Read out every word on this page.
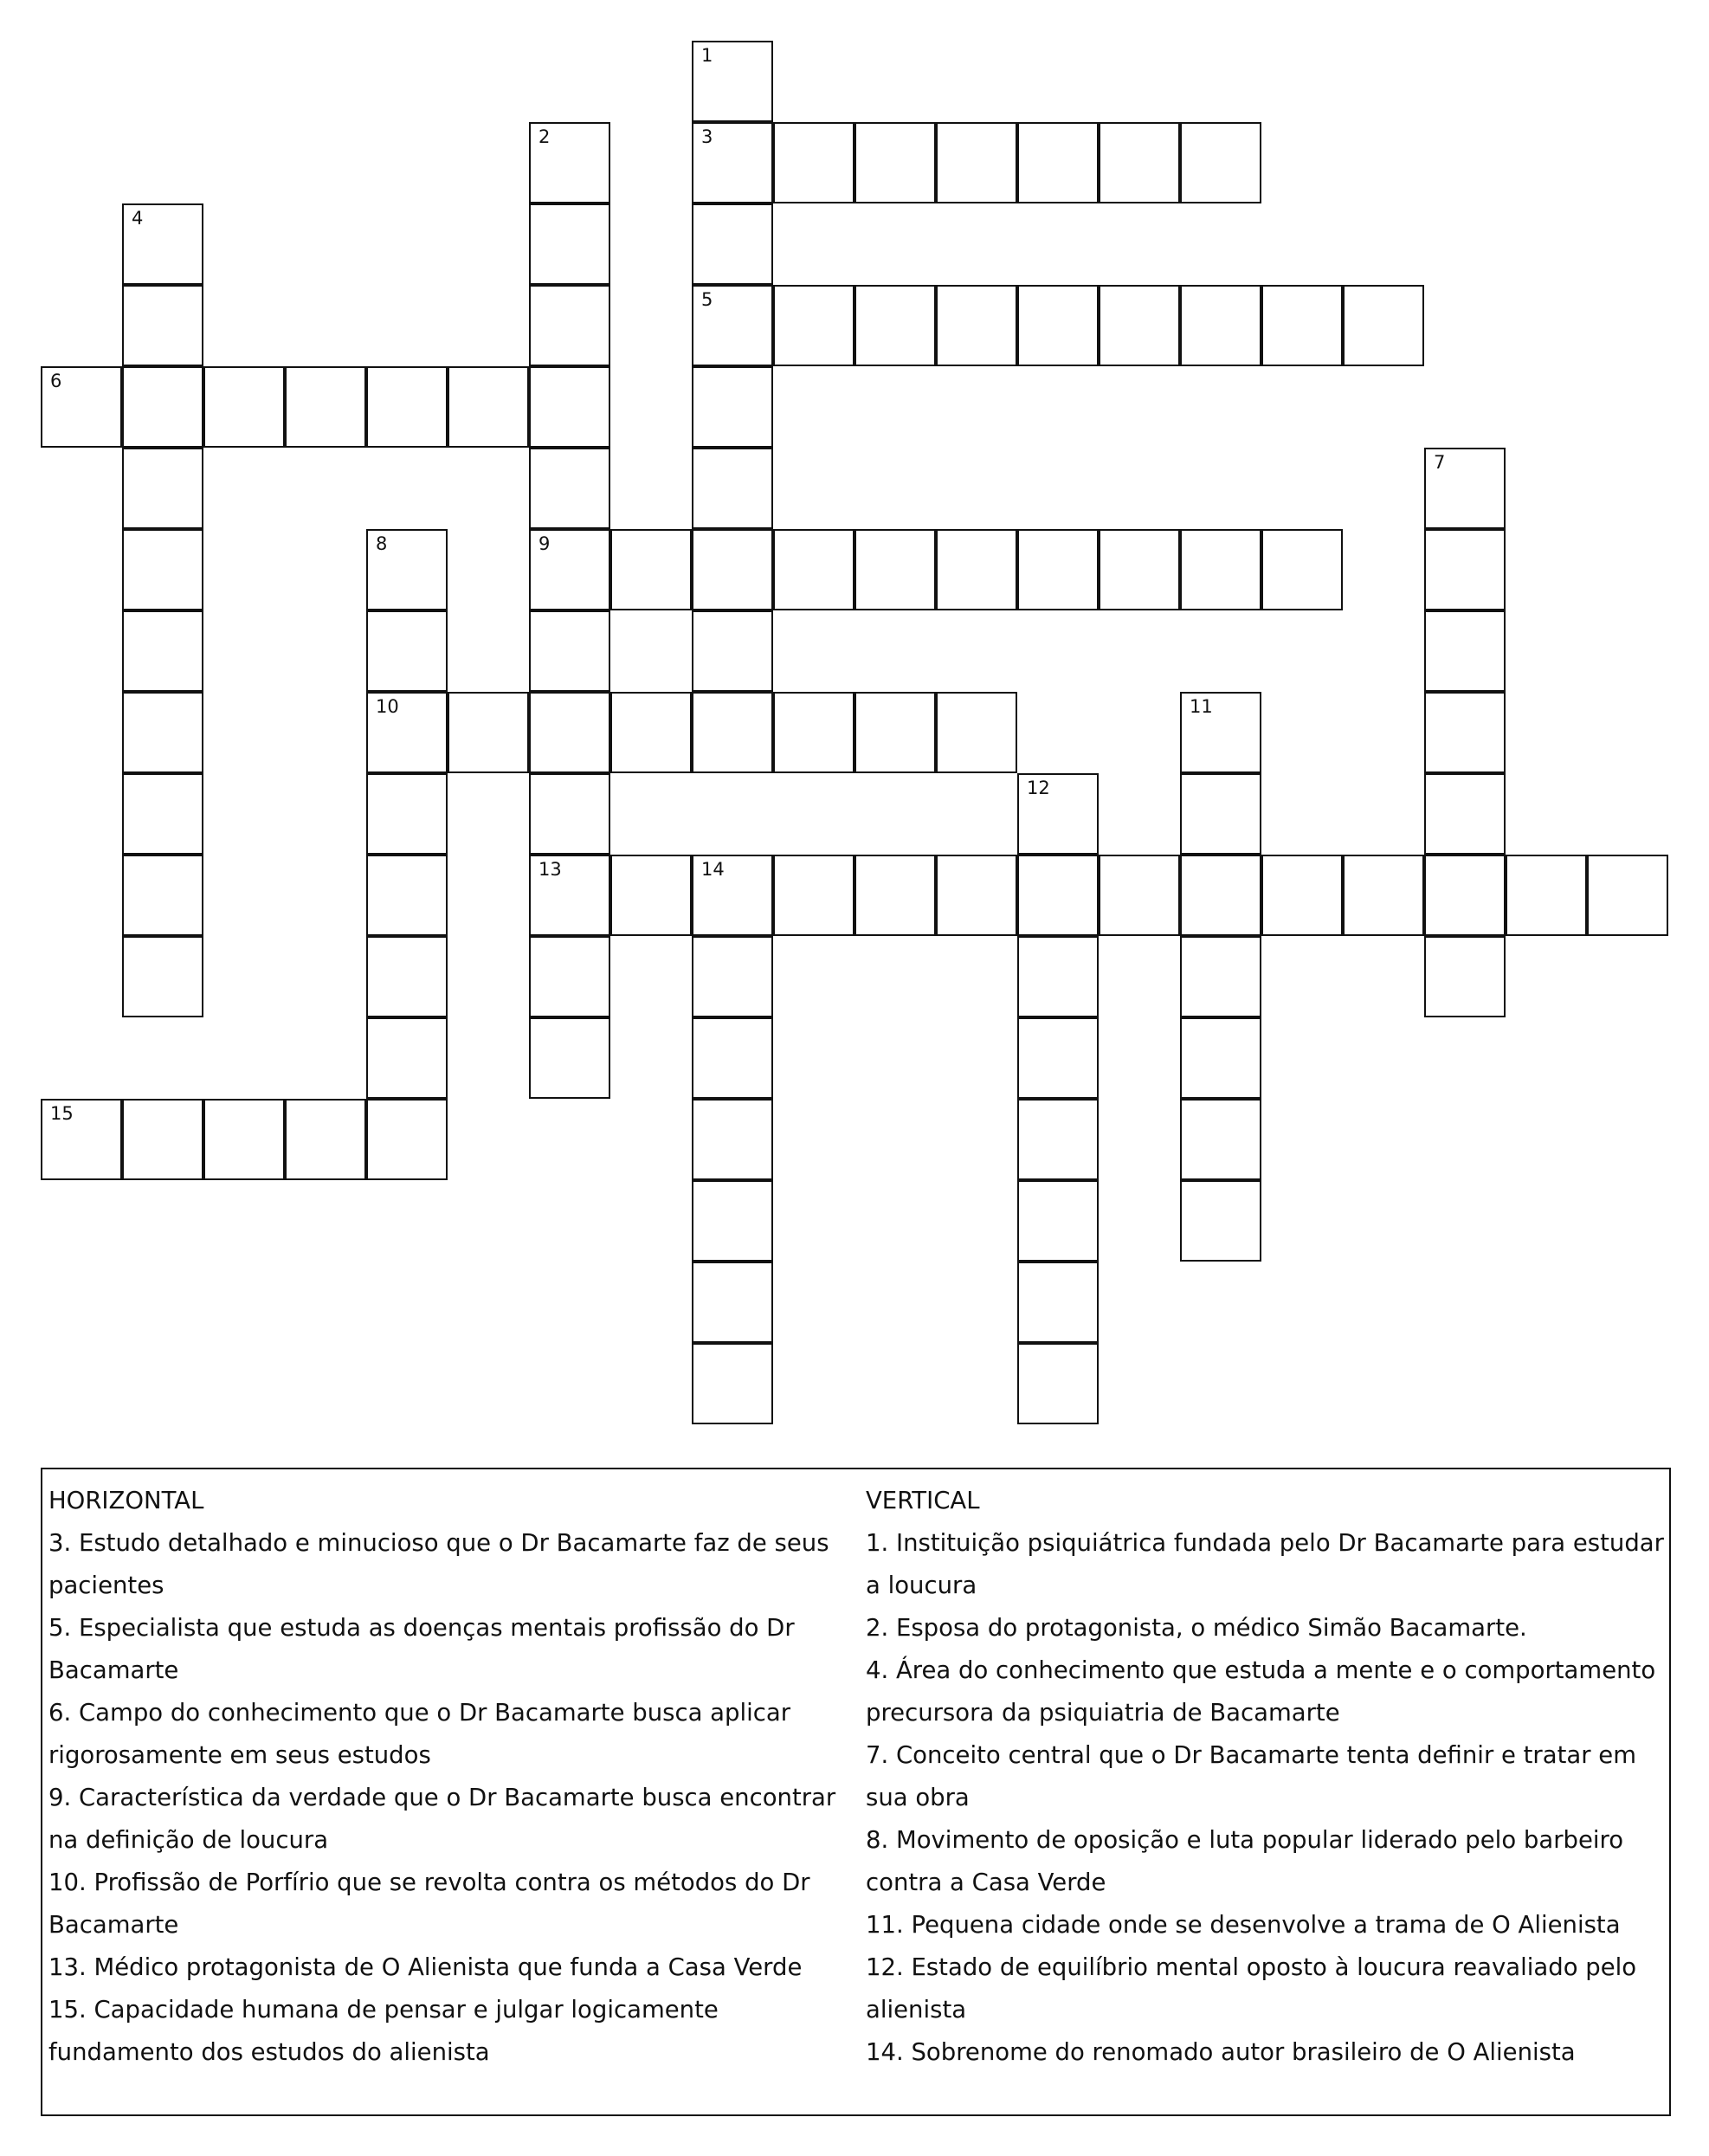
1
3
5
2
9
13
4
6
7
8
10	11
12
14
15
HORIZONTAL
3. Estudo detalhado e minucioso que o Dr Bacamarte faz de seus pacientes
5. Especialista que estuda as doenças mentais profissão do Dr Bacamarte
6. Campo do conhecimento que o Dr Bacamarte busca aplicar rigorosamente em seus estudos
9. Característica da verdade que o Dr Bacamarte busca encontrar na definição de loucura
10. Profissão de Porfírio que se revolta contra os métodos do Dr Bacamarte
13. Médico protagonista de O Alienista que funda a Casa Verde
15. Capacidade humana de pensar e julgar logicamente fundamento dos estudos do alienista
VERTICAL
1. Instituição psiquiátrica fundada pelo Dr Bacamarte para estudar a loucura
2. Esposa do protagonista, o médico Simão Bacamarte.
4. Área do conhecimento que estuda a mente e o comportamento precursora da psiquiatria de Bacamarte
7. Conceito central que o Dr Bacamarte tenta definir e tratar em sua obra
8. Movimento de oposição e luta popular liderado pelo barbeiro contra a Casa Verde
11. Pequena cidade onde se desenvolve a trama de O Alienista
12. Estado de equilíbrio mental oposto à loucura reavaliado pelo alienista
14. Sobrenome do renomado autor brasileiro de O Alienista
